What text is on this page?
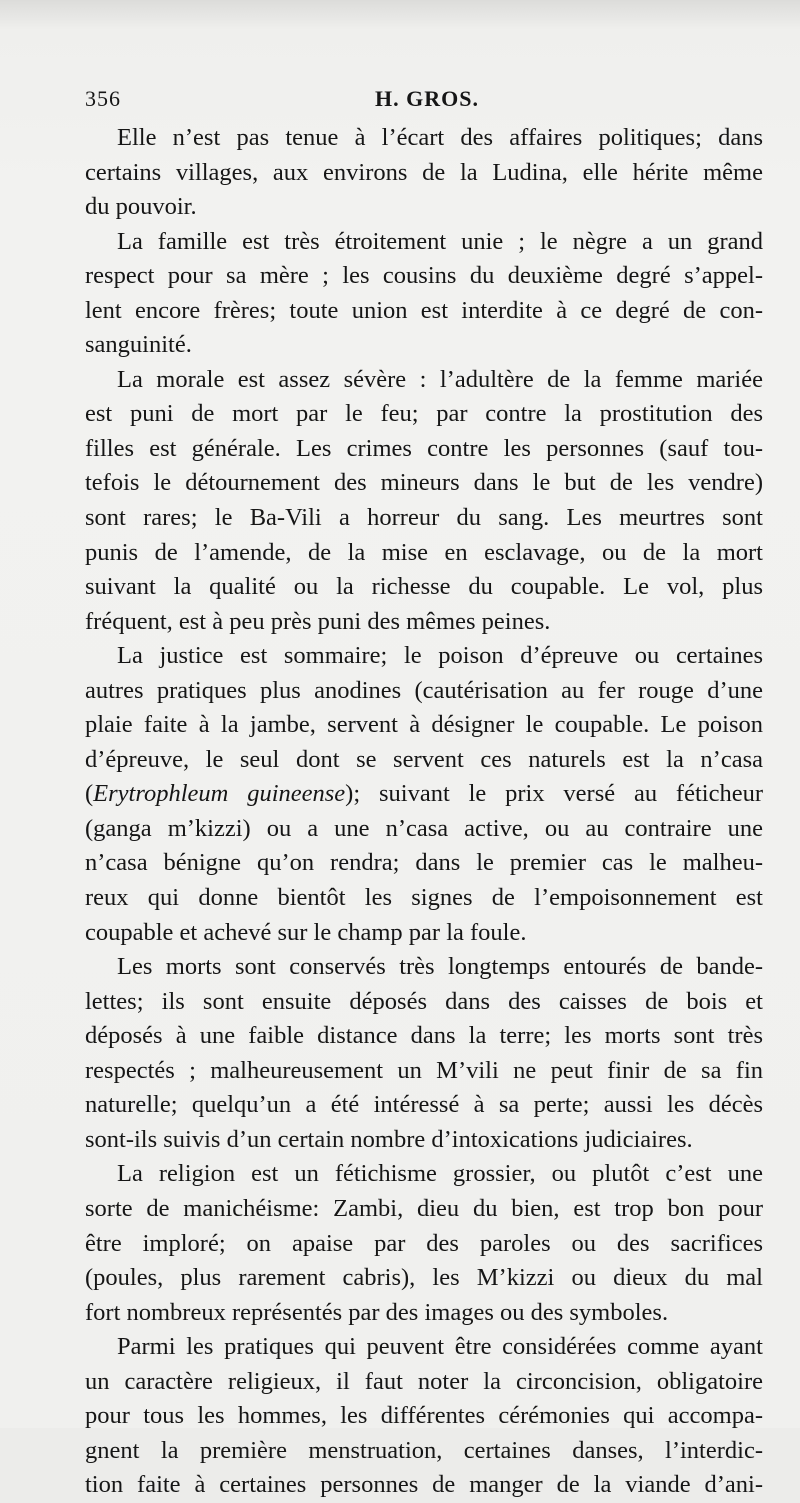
356	H. GROS.
Elle n’est pas tenue à l’écart des affaires politiques; dans
certains villages, aux environs de la Ludina, elle hérite même
du pouvoir.
La famille est très étroitement unie ; le nègre a un grand
respect pour sa mère ; les cousins du deuxième degré s’appel-
lent encore frères; toute union est interdite à ce degré de con-
sanguinité.
La morale est assez sévère : l’adultère de la femme mariée
est puni de mort par le feu; par contre la prostitution des
filles est générale. Les crimes contre les personnes (sauf tou-
tefois le détournement des mineurs dans le but de les vendre)
sont rares; le Ba-Vili a horreur du sang. Les meurtres sont
punis de l’amende, de la mise en esclavage, ou de la mort
suivant la qualité ou la richesse du coupable. Le vol, plus
fréquent, est à peu près puni des mêmes peines.
La justice est sommaire; le poison d’épreuve ou certaines
autres pratiques plus anodines (cautérisation au fer rouge d’une
plaie faite à la jambe, servent à désigner le coupable. Le poison
d’épreuve, le seul dont se servent ces naturels est la n’casa
(Erytrophleum guineense); suivant le prix versé au féticheur
(ganga m’kizzi) ou a une n’casa active, ou au contraire une
n’casa bénigne qu’on rendra; dans le premier cas le malheu-
reux qui donne bientôt les signes de l’empoisonnement est
coupable et achevé sur le champ par la foule.
Les morts sont conservés très longtemps entourés de bande-
lettes; ils sont ensuite déposés dans des caisses de bois et
déposés à une faible distance dans la terre; les morts sont très
respectés ; malheureusement un M’vili ne peut finir de sa fin
naturelle; quelqu’un a été intéressé à sa perte; aussi les décès
sont-ils suivis d’un certain nombre d’intoxications judiciaires.
La religion est un fétichisme grossier, ou plutôt c’est une
sorte de manichéisme: Zambi, dieu du bien, est trop bon pour
être imploré; on apaise par des paroles ou des sacrifices
(poules, plus rarement cabris), les M’kizzi ou dieux du mal
fort nombreux représentés par des images ou des symboles.
Parmi les pratiques qui peuvent être considérées comme ayant
un caractère religieux, il faut noter la circoncision, obligatoire
pour tous les hommes, les différentes cérémonies qui accompa-
gnent la première menstruation, certaines danses, l’interdic-
tion faite à certaines personnes de manger de la viande d’ani-
